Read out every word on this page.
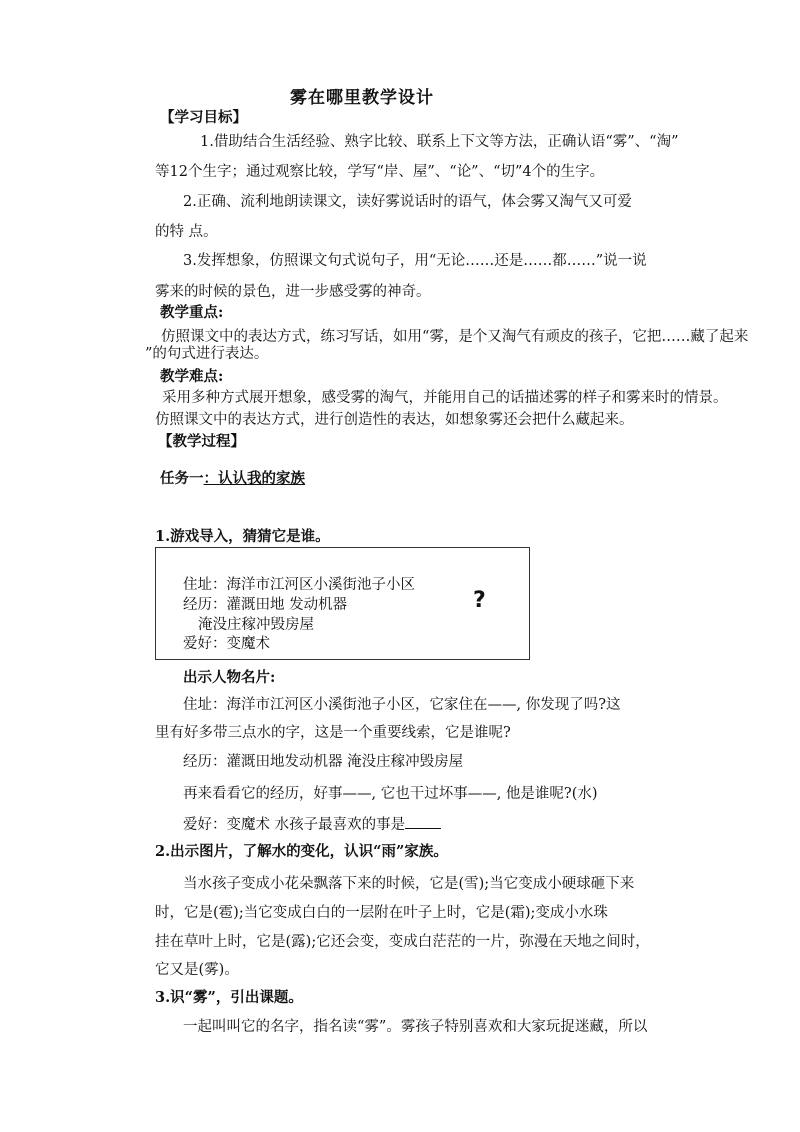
雾在哪里教学设计
【学习目标】
1.借助结合生活经验、熟字比较、联系上下文等方法，正确认语“雾”、“淘”
等12个生字；通过观察比较，学写“岸、屋”、“论”、“切”4个的生字。
2.正确、流利地朗读课文，读好雾说话时的语气，体会雾又淘气又可爱
的特 点。
3.发挥想象，仿照课文句式说句子，用“无论……还是……都……”说一说
雾来的时候的景色，进一步感受雾的神奇。
教学重点:
仿照课文中的表达方式，练习写话，如用“雾，是个又淘气有顽皮的孩子，它把……藏了起来
”的句式进行表达。
教学难点:
采用多种方式展开想象，感受雾的淘气，并能用自己的话描述雾的样子和雾来时的情景。
仿照课文中的表达方式，进行创造性的表达，如想象雾还会把什么藏起来。
【教学过程】
任务一：认认我的家族
1.游戏导入，猜猜它是谁。
住址：海洋市江河区小溪街池子小区
经历：灌溉田地 发动机器
淹没庄稼冲毁房屋
爱好：变魔术
?
出示人物名片:
住址：海洋市江河区小溪街池子小区，它家住在——, 你发现了吗?这
里有好多带三点水的字，这是一个重要线索，它是谁呢?
经历：灌溉田地发动机器 淹没庄稼冲毁房屋
再来看看它的经历，好事——, 它也干过坏事——, 他是谁呢?(水)
爱好：变魔术 水孩子最喜欢的事是
2.出示图片，了解水的变化，认识“雨”家族。
当水孩子变成小花朵飘落下来的时候，它是(雪);当它变成小硬球砸下来
时，它是(雹);当它变成白白的一层附在叶子上时，它是(霜);变成小水珠
挂在草叶上时，它是(露);它还会变，变成白茫茫的一片，弥漫在天地之间时，
它又是(雾)。
3.识“雾”，引出课题。
一起叫叫它的名字，指名读“雾”。雾孩子特别喜欢和大家玩捉迷藏，所以
